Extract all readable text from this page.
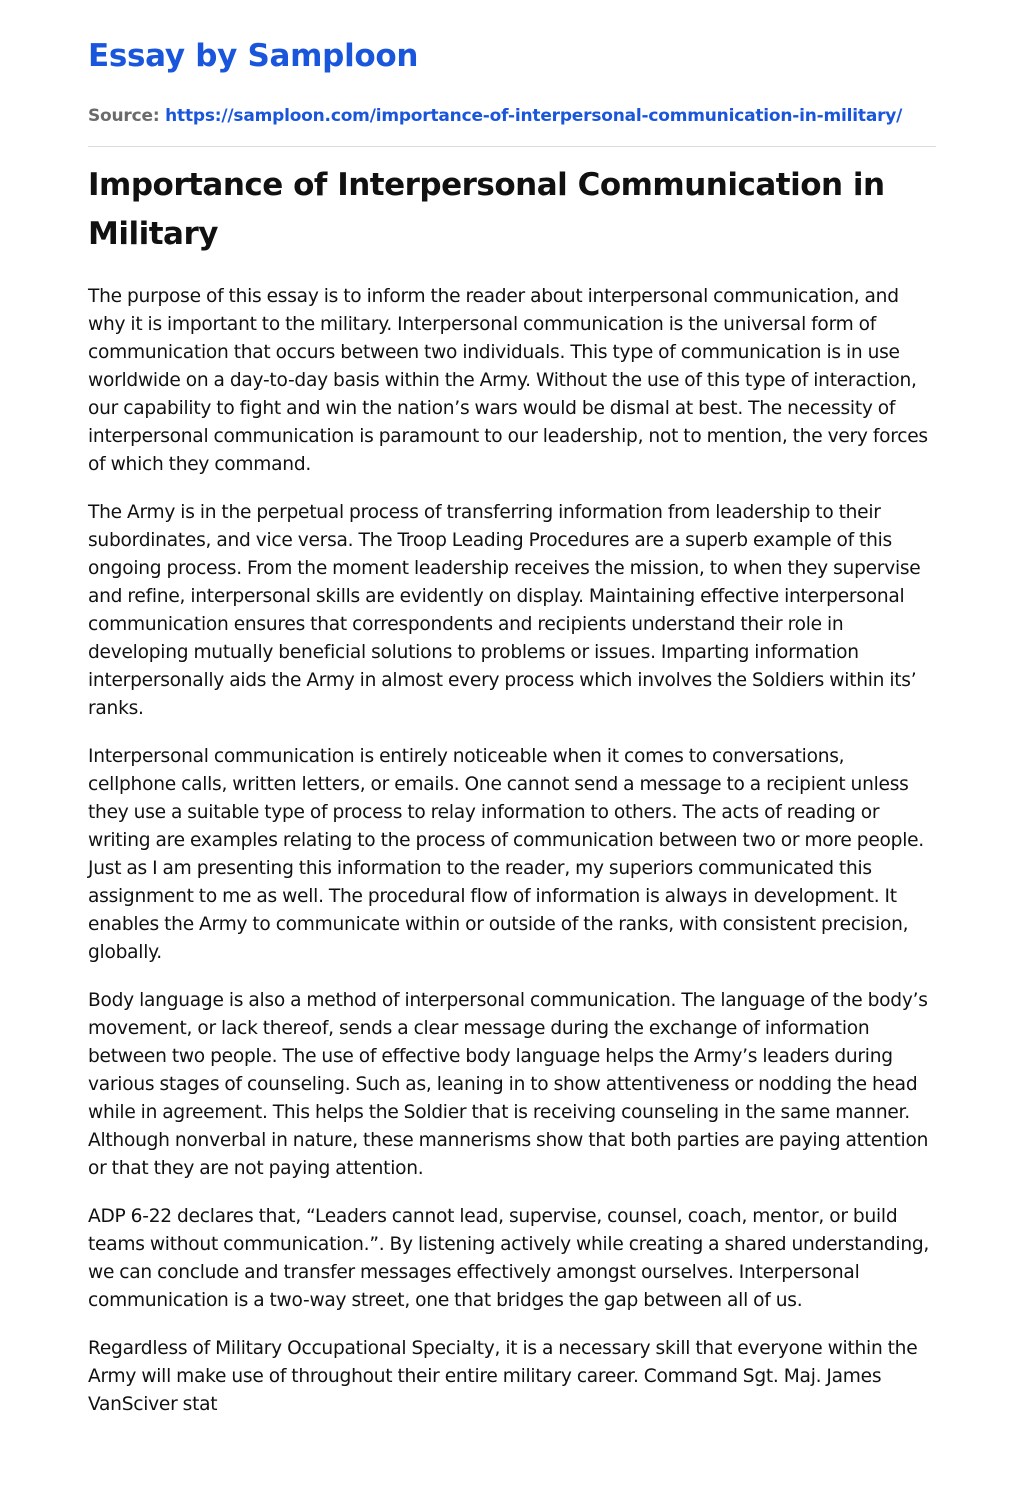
Essay by Samploon
Source: https://samploon.com/importance-of-interpersonal-communication-in-military/
Importance of Interpersonal Communication in Military

The purpose of this essay is to inform the reader about interpersonal communication, and why it is important to the military. Interpersonal communication is the universal form of communication that occurs between two individuals. This type of communication is in use worldwide on a day-to-day basis within the Army. Without the use of this type of interaction, our capability to fight and win the nation’s wars would be dismal at best. The necessity of interpersonal communication is paramount to our leadership, not to mention, the very forces of which they command.

The Army is in the perpetual process of transferring information from leadership to their subordinates, and vice versa. The Troop Leading Procedures are a superb example of this ongoing process. From the moment leadership receives the mission, to when they supervise and refine, interpersonal skills are evidently on display. Maintaining effective interpersonal communication ensures that correspondents and recipients understand their role in developing mutually beneficial solutions to problems or issues. Imparting information interpersonally aids the Army in almost every process which involves the Soldiers within its’ ranks.

Interpersonal communication is entirely noticeable when it comes to conversations, cellphone calls, written letters, or emails. One cannot send a message to a recipient unless they use a suitable type of process to relay information to others. The acts of reading or writing are examples relating to the process of communication between two or more people. Just as I am presenting this information to the reader, my superiors communicated this assignment to me as well. The procedural flow of information is always in development. It enables the Army to communicate within or outside of the ranks, with consistent precision, globally.

Body language is also a method of interpersonal communication. The language of the body’s movement, or lack thereof, sends a clear message during the exchange of information between two people. The use of effective body language helps the Army’s leaders during various stages of counseling. Such as, leaning in to show attentiveness or nodding the head while in agreement. This helps the Soldier that is receiving counseling in the same manner. Although nonverbal in nature, these mannerisms show that both parties are paying attention or that they are not paying attention.

ADP 6-22 declares that, “Leaders cannot lead, supervise, counsel, coach, mentor, or build teams without communication.”. By listening actively while creating a shared understanding, we can conclude and transfer messages effectively amongst ourselves. Interpersonal communication is a two-way street, one that bridges the gap between all of us.

Regardless of Military Occupational Specialty, it is a necessary skill that everyone within the Army will make use of throughout their entire military career. Command Sgt. Maj. James VanSciver stat
